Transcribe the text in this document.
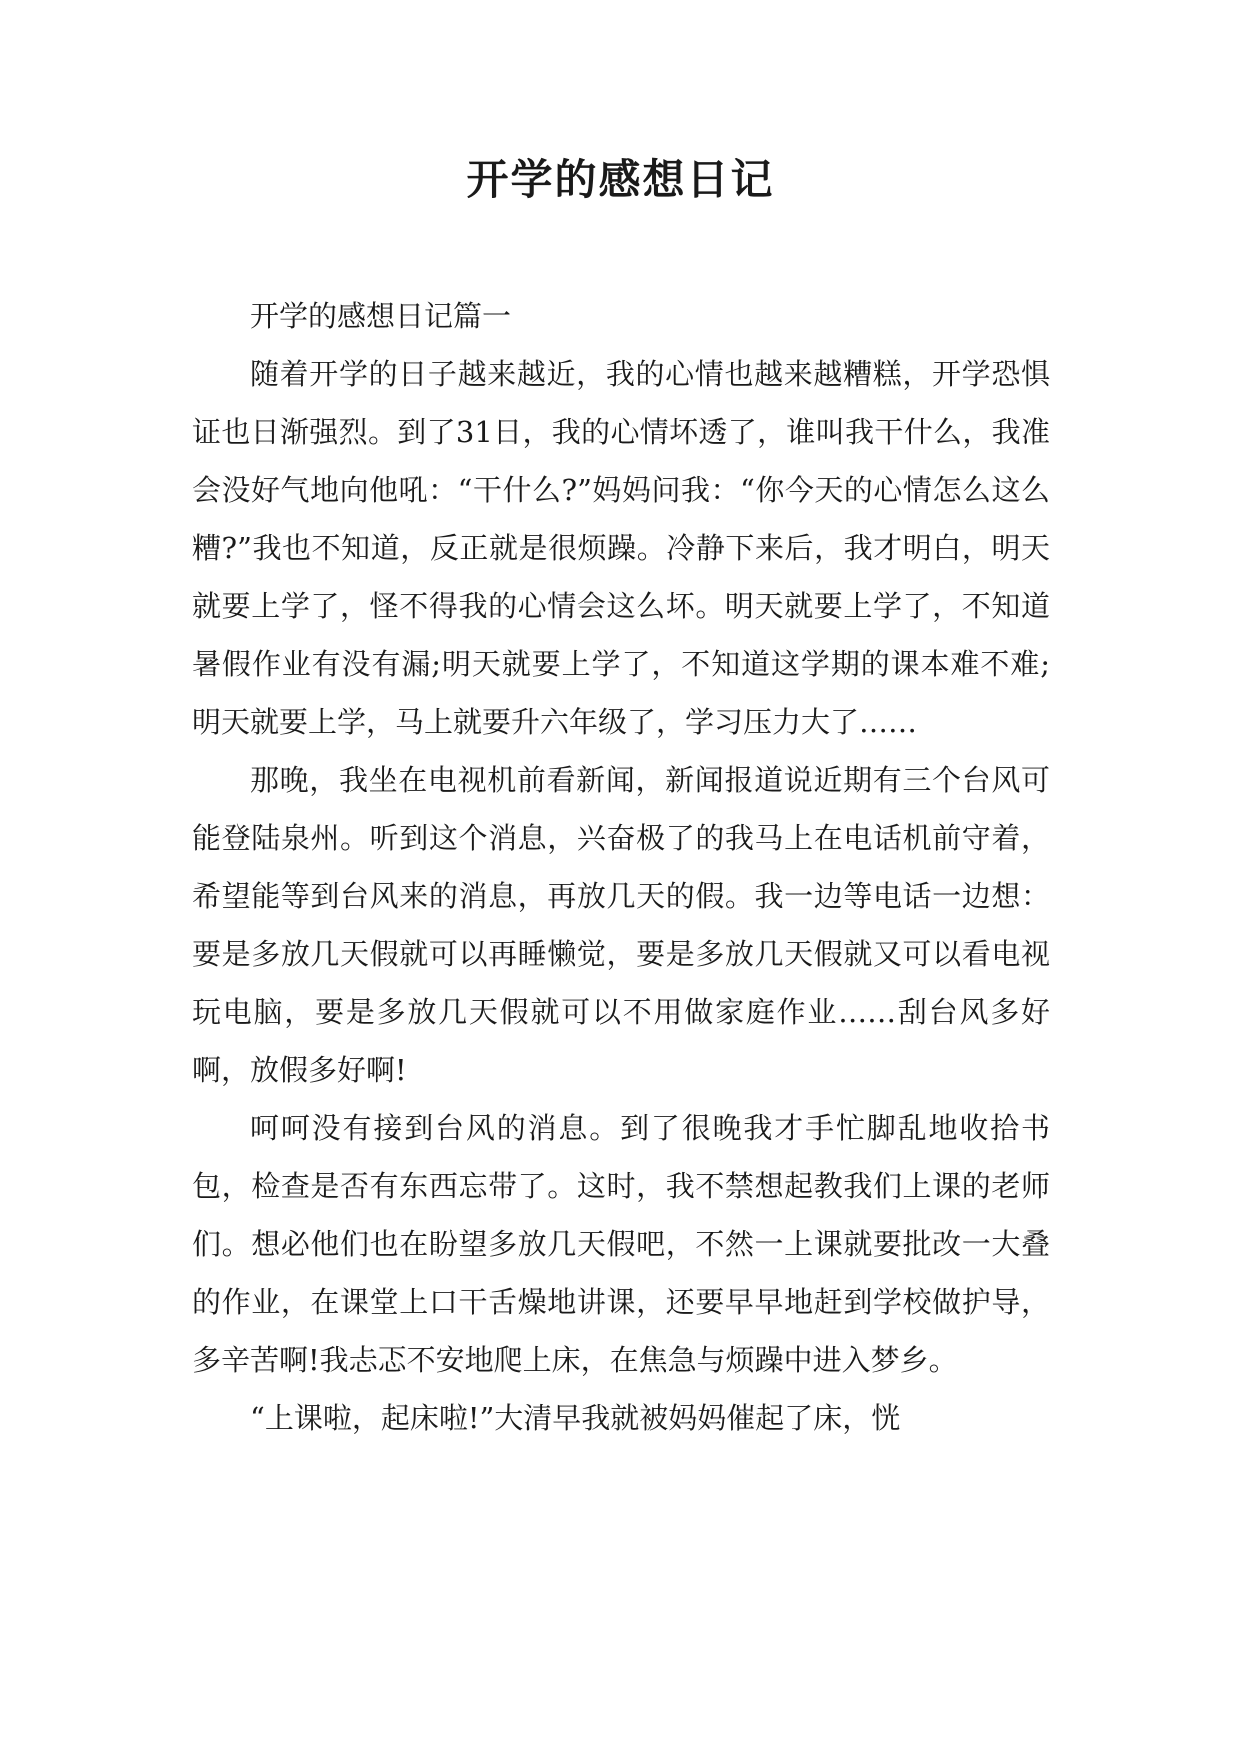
开学的感想日记

开学的感想日记篇一

随着开学的日子越来越近，我的心情也越来越糟糕，开学恐惧证也日渐强烈。到了31日，我的心情坏透了，谁叫我干什么，我准会没好气地向他吼：“干什么?”妈妈问我：“你今天的心情怎么这么糟?”我也不知道，反正就是很烦躁。冷静下来后，我才明白，明天就要上学了，怪不得我的心情会这么坏。明天就要上学了，不知道暑假作业有没有漏;明天就要上学了，不知道这学期的课本难不难;明天就要上学，马上就要升六年级了，学习压力大了……

那晚，我坐在电视机前看新闻，新闻报道说近期有三个台风可能登陆泉州。听到这个消息，兴奋极了的我马上在电话机前守着，希望能等到台风来的消息，再放几天的假。我一边等电话一边想：要是多放几天假就可以再睡懒觉，要是多放几天假就又可以看电视玩电脑，要是多放几天假就可以不用做家庭作业……刮台风多好啊，放假多好啊!

呵呵没有接到台风的消息。到了很晚我才手忙脚乱地收拾书包，检查是否有东西忘带了。这时，我不禁想起教我们上课的老师们。想必他们也在盼望多放几天假吧，不然一上课就要批改一大叠的作业，在课堂上口干舌燥地讲课，还要早早地赶到学校做护导，多辛苦啊!我忐忑不安地爬上床，在焦急与烦躁中进入梦乡。

“上课啦，起床啦!”大清早我就被妈妈催起了床，恍
